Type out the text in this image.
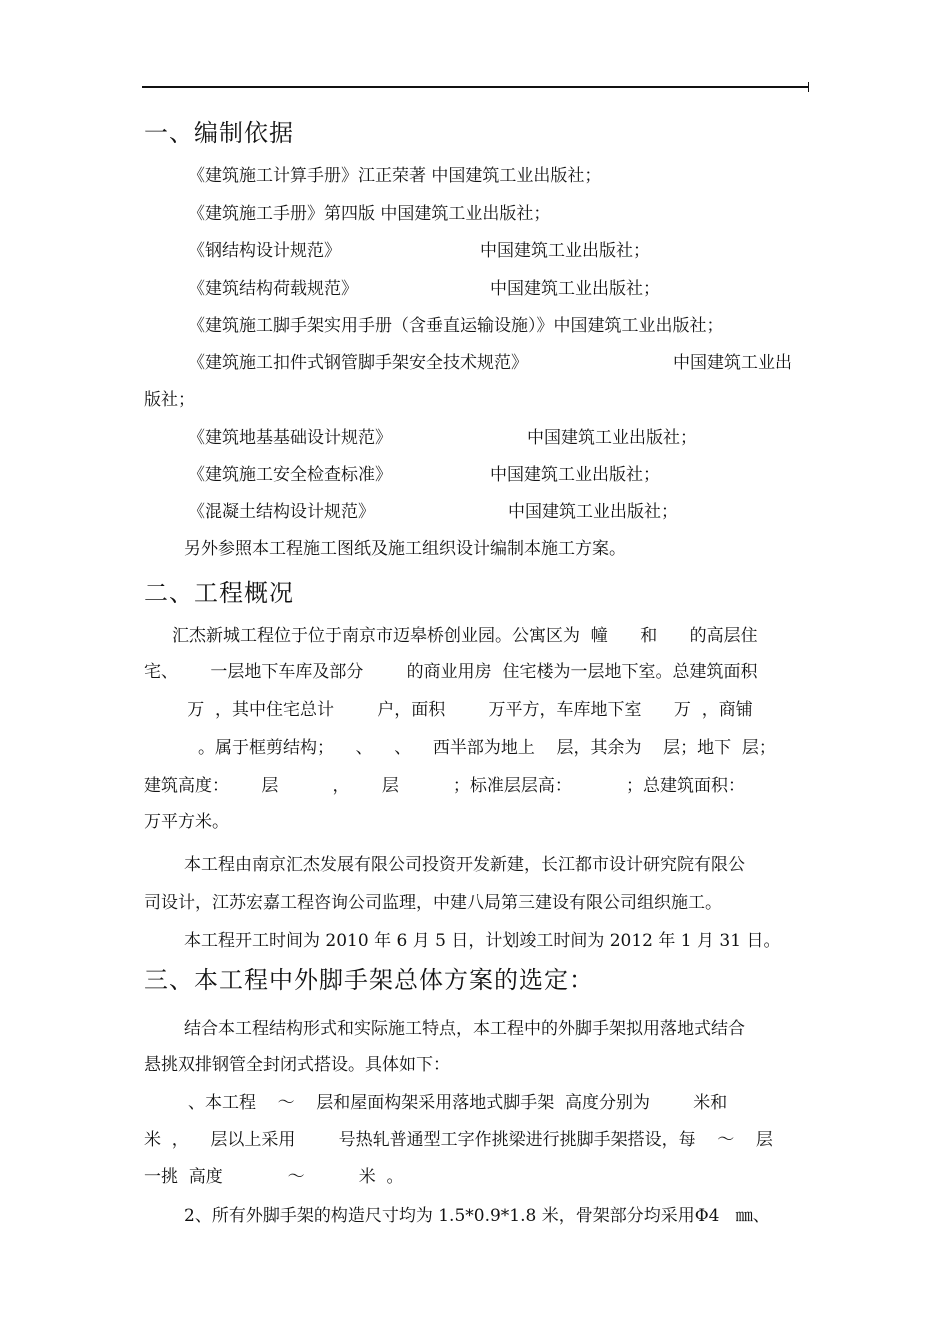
一、编制依据
《建筑施工计算手册》江正荣著 中国建筑工业出版社；
《建筑施工手册》第四版 中国建筑工业出版社；
《钢结构设计规范》	中国建筑工业出版社；
《建筑结构荷载规范》	中国建筑工业出版社；
《建筑施工脚手架实用手册（含垂直运输设施）》中国建筑工业出版社；
《建筑施工扣件式钢管脚手架安全技术规范》	中国建筑工业出
版社；
《建筑地基基础设计规范》	中国建筑工业出版社；
《建筑施工安全检查标准》	中国建筑工业出版社；
《混凝土结构设计规范》	中国建筑工业出版社；
另外参照本工程施工图纸及施工组织设计编制本施工方案。
二、工程概况
汇杰新城工程位于位于南京市迈皋桥创业园。公寓区为  幢      和      的高层住
宅、      一层地下车库及部分        的商业用房  住宅楼为一层地下室。总建筑面积
万  ，其中住宅总计        户，面积        万平方，车库地下室      万  ，商铺
。属于框剪结构；    、    、    西半部为地上    层，其余为    层；地下  层；
建筑高度：      层          ，      层          ；标准层层高：          ；总建筑面积：
万平方米。
本工程由南京汇杰发展有限公司投资开发新建，长江都市设计研究院有限公
司设计，江苏宏嘉工程咨询公司监理，中建八局第三建设有限公司组织施工。
本工程开工时间为 2010 年 6 月 5 日，计划竣工时间为 2012 年 1 月 31 日。
三、本工程中外脚手架总体方案的选定：
结合本工程结构形式和实际施工特点，本工程中的外脚手架拟用落地式结合
悬挑双排钢管全封闭式搭设。具体如下：
、本工程    ～    层和屋面构架采用落地式脚手架  高度分别为        米和
米  ，    层以上采用        号热轧普通型工字作挑梁进行挑脚手架搭设，每    ～    层
一挑  高度            ～          米  。
2、所有外脚手架的构造尺寸均为 1.5*0.9*1.8 米，骨架部分均采用Φ4   ㎜、
